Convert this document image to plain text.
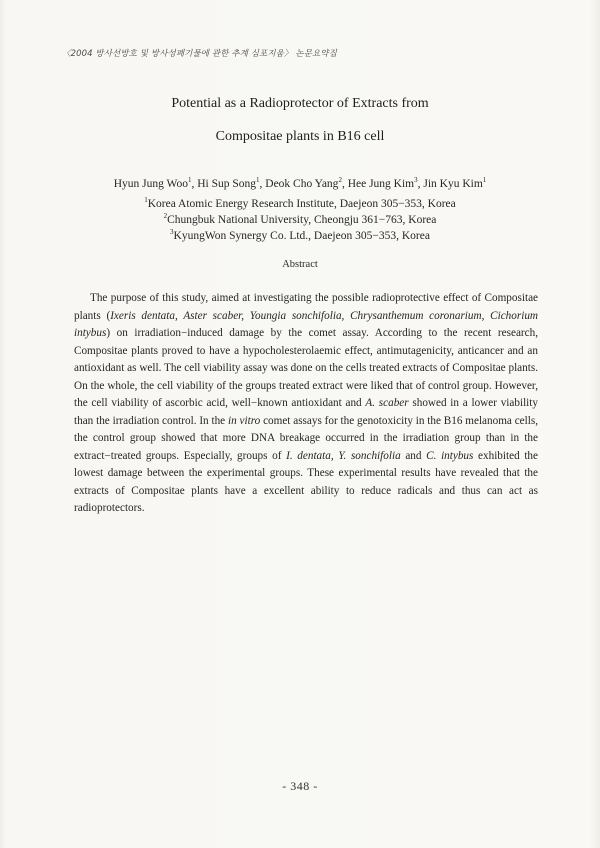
〈2004 방사선방호 및 방사성폐기물에 관한 추계 심포지움〉 논문요약집
Potential as a Radioprotector of Extracts from
Compositae plants in B16 cell
Hyun Jung Woo$^1$, Hi Sup Song$^1$, Deok Cho Yang$^2$, Hee Jung Kim$^3$, Jin Kyu Kim$^1$
$^1$Korea Atomic Energy Research Institute, Daejeon 305−353, Korea
$^2$Chungbuk National University, Cheongju 361−763, Korea
$^3$KyungWon Synergy Co. Ltd., Daejeon 305−353, Korea
Abstract

The purpose of this study, aimed at investigating the possible radioprotective effect of Compositae plants (Ixeris dentata, Aster scaber, Youngia sonchifolia, Chrysanthemum coronarium, Cichorium intybus) on irradiation−induced damage by the comet assay. According to the recent research, Compositae plants proved to have a hypocholesterolaemic effect, antimutagenicity, anticancer and an antioxidant as well. The cell viability assay was done on the cells treated extracts of Compositae plants. On the whole, the cell viability of the groups treated extract were liked that of control group. However, the cell viability of ascorbic acid, well−known antioxidant and A. scaber showed in a lower viability than the irradiation control. In the in vitro comet assays for the genotoxicity in the B16 melanoma cells, the control group showed that more DNA breakage occurred in the irradiation group than in the extract−treated groups. Especially, groups of I. dentata, Y. sonchifolia and C. intybus exhibited the lowest damage between the experimental groups. These experimental results have revealed that the extracts of Compositae plants have a excellent ability to reduce radicals and thus can act as radioprotectors.

- 348 -
